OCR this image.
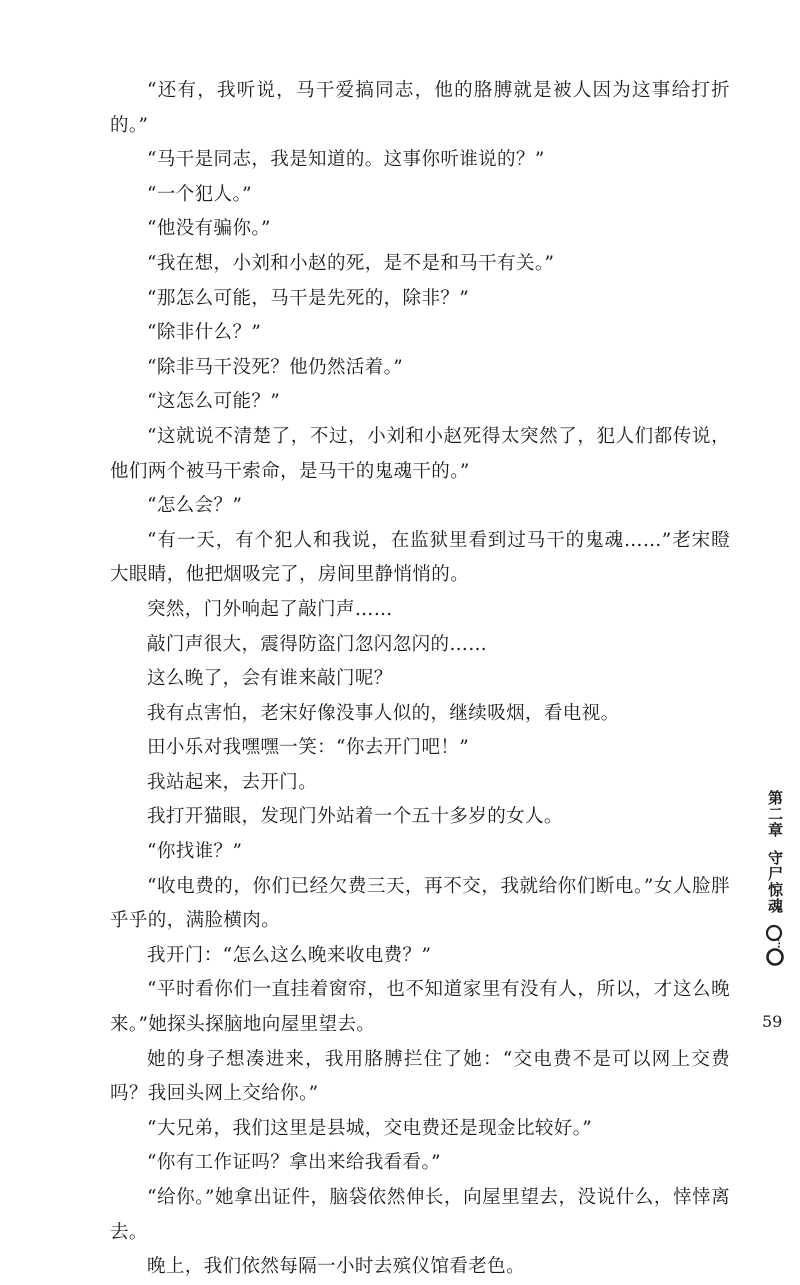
“还有，我听说，马干爱搞同志，他的胳膊就是被人因为这事给打折的。”

“马干是同志，我是知道的。这事你听谁说的？”

“一个犯人。”

“他没有骗你。”

“我在想，小刘和小赵的死，是不是和马干有关。”

“那怎么可能，马干是先死的，除非？”

“除非什么？”

“除非马干没死？他仍然活着。”

“这怎么可能？”

“这就说不清楚了，不过，小刘和小赵死得太突然了，犯人们都传说，他们两个被马干索命，是马干的鬼魂干的。”

“怎么会？”

“有一天，有个犯人和我说，在监狱里看到过马干的鬼魂……”老宋瞪大眼睛，他把烟吸完了，房间里静悄悄的。

突然，门外响起了敲门声……

敲门声很大，震得防盗门忽闪忽闪的……

这么晚了，会有谁来敲门呢？

我有点害怕，老宋好像没事人似的，继续吸烟，看电视。

田小乐对我嘿嘿一笑：“你去开门吧！”

我站起来，去开门。

我打开猫眼，发现门外站着一个五十多岁的女人。

“你找谁？”

“收电费的，你们已经欠费三天，再不交，我就给你们断电。”女人脸胖乎乎的，满脸横肉。

我开门：“怎么这么晚来收电费？”

“平时看你们一直挂着窗帘，也不知道家里有没有人，所以，才这么晚来。”她探头探脑地向屋里望去。

她的身子想凑进来，我用胳膊拦住了她：“交电费不是可以网上交费吗？我回头网上交给你。”

“大兄弟，我们这里是县城，交电费还是现金比较好。”

“你有工作证吗？拿出来给我看看。”

“给你。”她拿出证件，脑袋依然伸长，向屋里望去，没说什么，悻悻离去。

晚上，我们依然每隔一小时去殡仪馆看老色。

第二章
守尸惊魂
59
